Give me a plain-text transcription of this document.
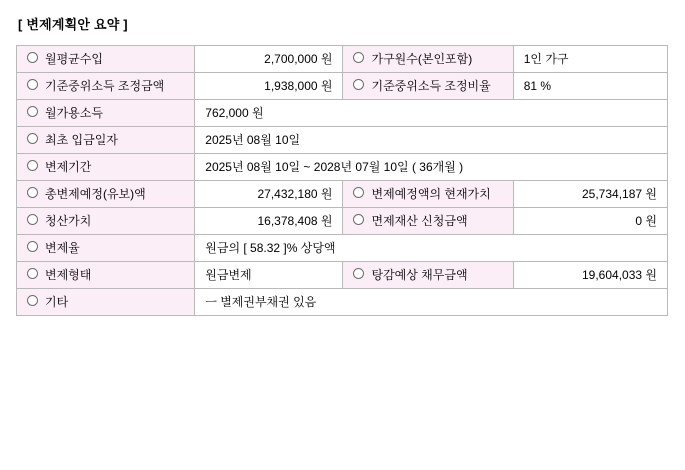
[ 변제계획안 요약 ]
월평균수입	2,700,000 원	가구원수(본인포함)	1인 가구
기준중위소득 조정금액	1,938,000 원	기준중위소득 조정비율	81 %
월가용소득	762,000 원		
최초 입금일자	2025년 08월 10일		
변제기간	2025년 08월 10일 ~ 2028년 07월 10일 ( 36개월 )		
총변제예정(유보)액	27,432,180 원	변제예정액의 현재가치	25,734,187 원
청산가치	16,378,408 원	면제재산 신청금액	0 원
변제율	원금의 [ 58.32 ]% 상당액		
변제형태	원금변제	탕감예상 채무금액	19,604,033 원
기타	ㅡ 별제권부채권 있음		
